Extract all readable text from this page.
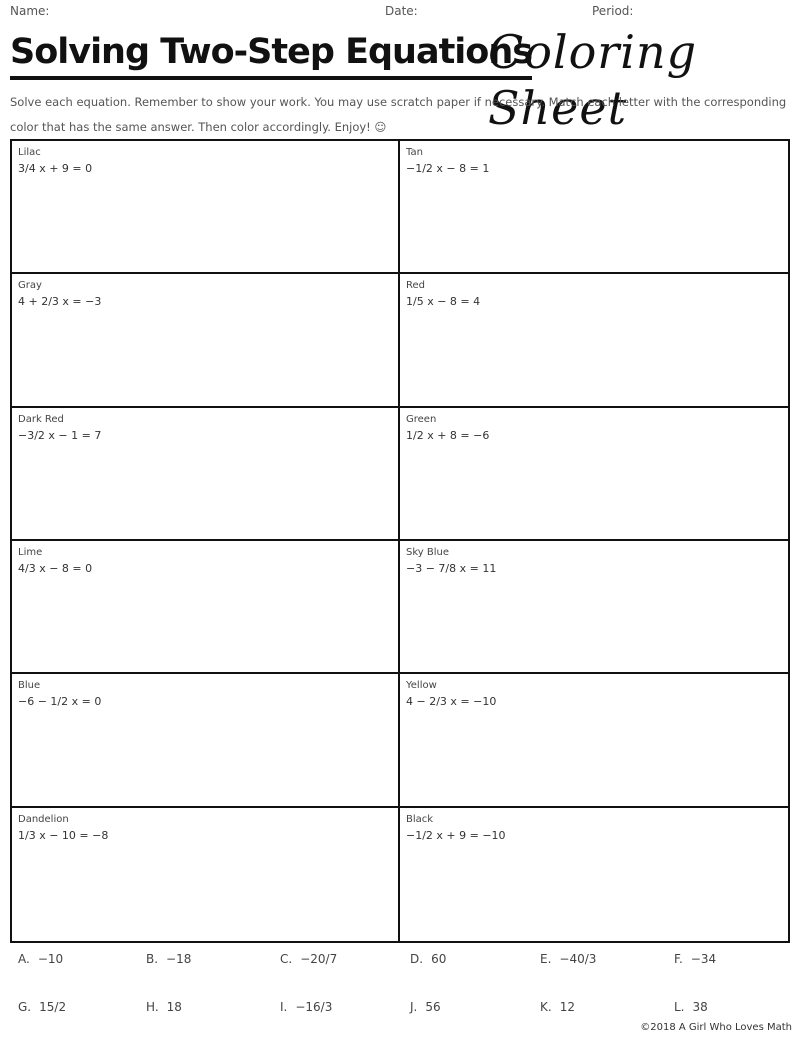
Name:	Date:	Period:
Solving Two-Step Equations
Coloring Sheet
Solve each equation. Remember to show your work. You may use scratch paper if necessary. Match each letter with the corresponding color that has the same answer. Then color accordingly. Enjoy! ☺
Lilac
3/4 x + 9 = 0
Tan
−1/2 x − 8 = 1
Gray
4 + 2/3 x = −3
Red
1/5 x − 8 = 4
Dark Red
−3/2 x − 1 = 7
Green
1/2 x + 8 = −6
Lime
4/3 x − 8 = 0
Sky Blue
−3 − 7/8 x = 11
Blue
−6 − 1/2 x = 0
Yellow
4 − 2/3 x = −10
Dandelion
1/3 x − 10 = −8
Black
−1/2 x + 9 = −10
A. −10	B. −18	C. −20/7	D. 60	E. −40/3	F. −34
G. 15/2	H. 18	I. −16/3	J. 56	K. 12	L. 38
©2018 A Girl Who Loves Math
